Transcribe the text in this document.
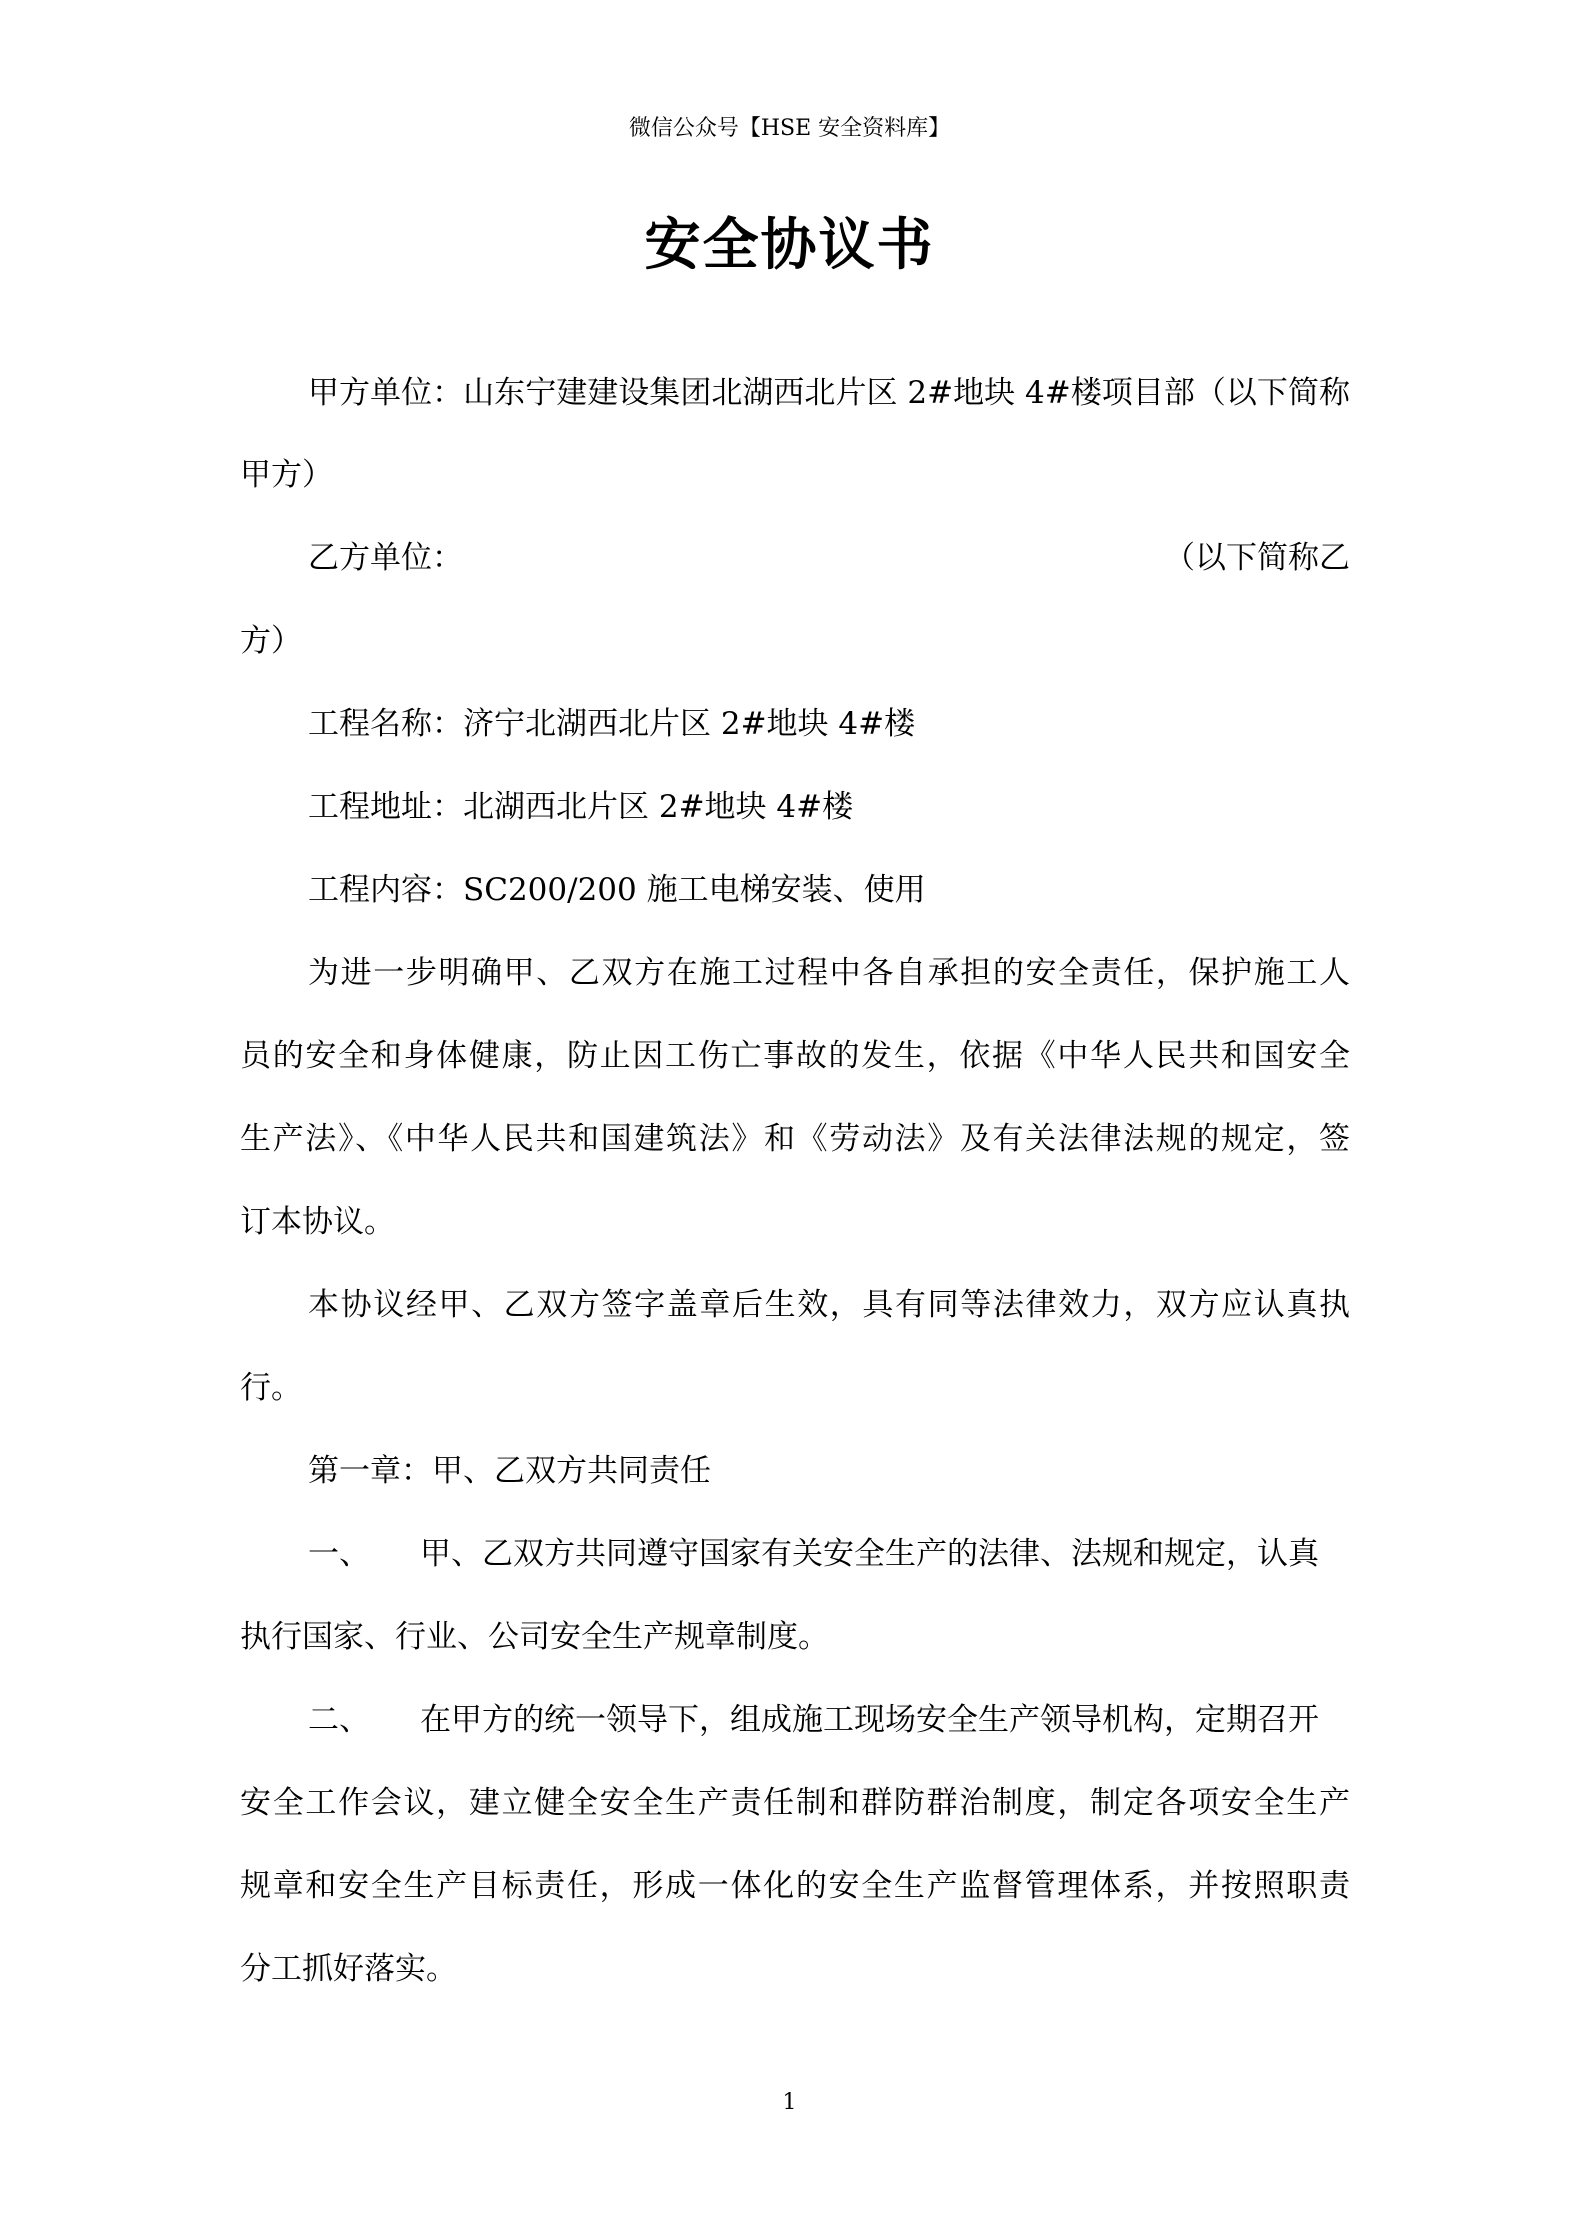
微信公众号【HSE 安全资料库】
安全协议书
甲方单位：山东宁建建设集团北湖西北片区 2#地块 4#楼项目部（以下简称
甲方）
乙方单位：	（以下简称乙
方）
工程名称：济宁北湖西北片区 2#地块 4#楼
工程地址：北湖西北片区 2#地块 4#楼
工程内容：SC200/200 施工电梯安装、使用
为进一步明确甲、乙双方在施工过程中各自承担的安全责任，保护施工人
员的安全和身体健康，防止因工伤亡事故的发生，依据《中华人民共和国安全
生产法》、《中华人民共和国建筑法》和《劳动法》及有关法律法规的规定，签
订本协议。
本协议经甲、乙双方签字盖章后生效，具有同等法律效力，双方应认真执
行。
第一章：甲、乙双方共同责任
一、 甲、乙双方共同遵守国家有关安全生产的法律、法规和规定，认真
执行国家、行业、公司安全生产规章制度。
二、 在甲方的统一领导下，组成施工现场安全生产领导机构，定期召开
安全工作会议，建立健全安全生产责任制和群防群治制度，制定各项安全生产
规章和安全生产目标责任，形成一体化的安全生产监督管理体系，并按照职责
分工抓好落实。
1
